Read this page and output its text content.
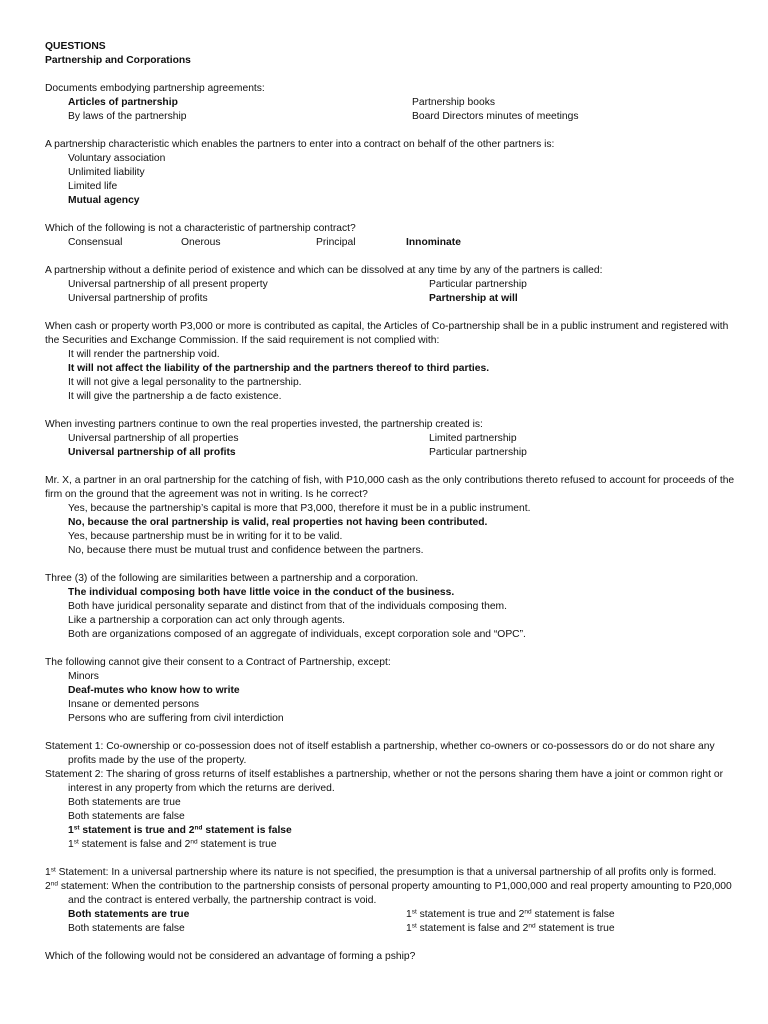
QUESTIONS
Partnership and Corporations
Documents embodying partnership agreements:
Articles of partnership	Partnership books
By laws of the partnership	Board Directors minutes of meetings
A partnership characteristic which enables the partners to enter into a contract on behalf of the other partners is:
Voluntary association
Unlimited liability
Limited life
Mutual agency
Which of the following is not a characteristic of partnership contract?
Consensual	Onerous	Principal	Innominate
A partnership without a definite period of existence and which can be dissolved at any time by any of the partners is called:
Universal partnership of all present property	Particular partnership
Universal partnership of profits	Partnership at will
When cash or property worth P3,000 or more is contributed as capital, the Articles of Co-partnership shall be in a public instrument and registered with the Securities and Exchange Commission. If the said requirement is not complied with:
It will render the partnership void.
It will not affect the liability of the partnership and the partners thereof to third parties.
It will not give a legal personality to the partnership.
It will give the partnership a de facto existence.
When investing partners continue to own the real properties invested, the partnership created is:
Universal partnership of all properties	Limited partnership
Universal partnership of all profits	Particular partnership
Mr. X, a partner in an oral partnership for the catching of fish, with P10,000 cash as the only contributions thereto refused to account for proceeds of the firm on the ground that the agreement was not in writing. Is he correct?
Yes, because the partnership’s capital is more that P3,000, therefore it must be in a public instrument.
No, because the oral partnership is valid, real properties not having been contributed.
Yes, because partnership must be in writing for it to be valid.
No, because there must be mutual trust and confidence between the partners.
Three (3) of the following are similarities between a partnership and a corporation.
The individual composing both have little voice in the conduct of the business.
Both have juridical personality separate and distinct from that of the individuals composing them.
Like a partnership a corporation can act only through agents.
Both are organizations composed of an aggregate of individuals, except corporation sole and “OPC”.
The following cannot give their consent to a Contract of Partnership, except:
Minors
Deaf-mutes who know how to write
Insane or demented persons
Persons who are suffering from civil interdiction
Statement 1: Co-ownership or co-possession does not of itself establish a partnership, whether co-owners or co-possessors do or do not share any profits made by the use of the property.
Statement 2: The sharing of gross returns of itself establishes a partnership, whether or not the persons sharing them have a joint or common right or interest in any property from which the returns are derived.
Both statements are true
Both statements are false
1st statement is true and 2nd statement is false
1st statement is false and 2nd statement is true
1st Statement: In a universal partnership where its nature is not specified, the presumption is that a universal partnership of all profits only is formed.
2nd statement: When the contribution to the partnership consists of personal property amounting to P1,000,000 and real property amounting to P20,000 and the contract is entered verbally, the partnership contract is void.
Both statements are true	1st statement is true and 2nd statement is false
Both statements are false	1st statement is false and 2nd statement is true
Which of the following would not be considered an advantage of forming a pship?
